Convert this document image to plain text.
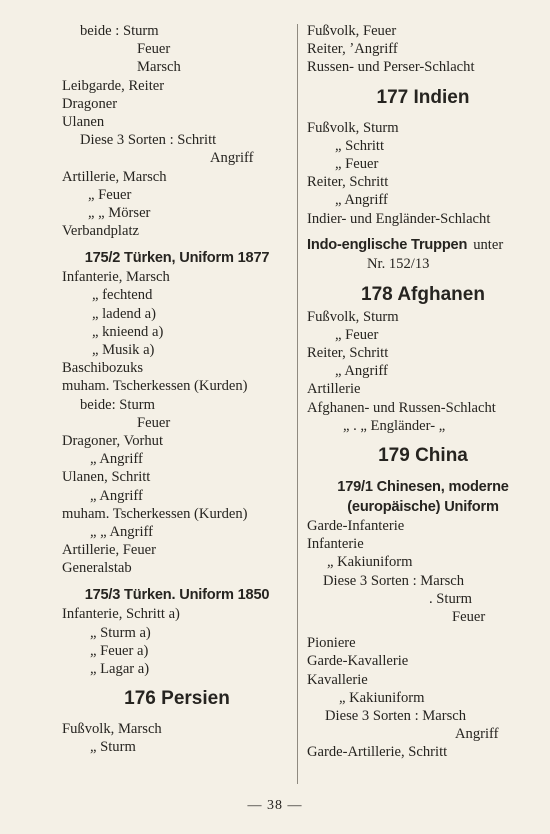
beide : Sturm
Feuer
Marsch
Leibgarde, Reiter
Dragoner
Ulanen
Diese 3 Sorten : Schritt
Angriff
Artillerie, Marsch
„ Feuer
„ „ Mörser
Verbandplatz
175/2 Türken, Uniform 1877
Infanterie, Marsch
„ fechtend
„ ladend a)
„ knieend a)
„ Musik a)
Baschibozuks
muham. Tscherkessen (Kurden)
beide: Sturm
Feuer
Dragoner, Vorhut
„ Angriff
Ulanen, Schritt
„ Angriff
muham. Tscherkessen (Kurden)
„ „ Angriff
Artillerie, Feuer
Generalstab
175/3 Türken. Uniform 1850
Infanterie, Schritt a)
„ Sturm a)
„ Feuer a)
„ Lagar a)
176 Persien
Fußvolk, Marsch
„ Sturm
Fußvolk, Feuer
Reiter, ʼAngriff
Russen- und Perser-Schlacht
177 Indien
Fußvolk, Sturm
„ Schritt
„ Feuer
Reiter, Schritt
„ Angriff
Indier- und Engländer-Schlacht
Indo-englische Truppen unter
Nr. 152/13
178 Afghanen
Fußvolk, Sturm
„ Feuer
Reiter, Schritt
„ Angriff
Artillerie
Afghanen- und Russen-Schlacht
„ . „ Engländer- „
179 China
179/1 Chinesen, moderne
(europäische) Uniform
Garde-Infanterie
Infanterie
„ Kakiuniform
Diese 3 Sorten : Marsch
. Sturm
Feuer
Pioniere
Garde-Kavallerie
Kavallerie
„ Kakiuniform
Diese 3 Sorten : Marsch
Angriff
Garde-Artillerie, Schritt
— 38 —
